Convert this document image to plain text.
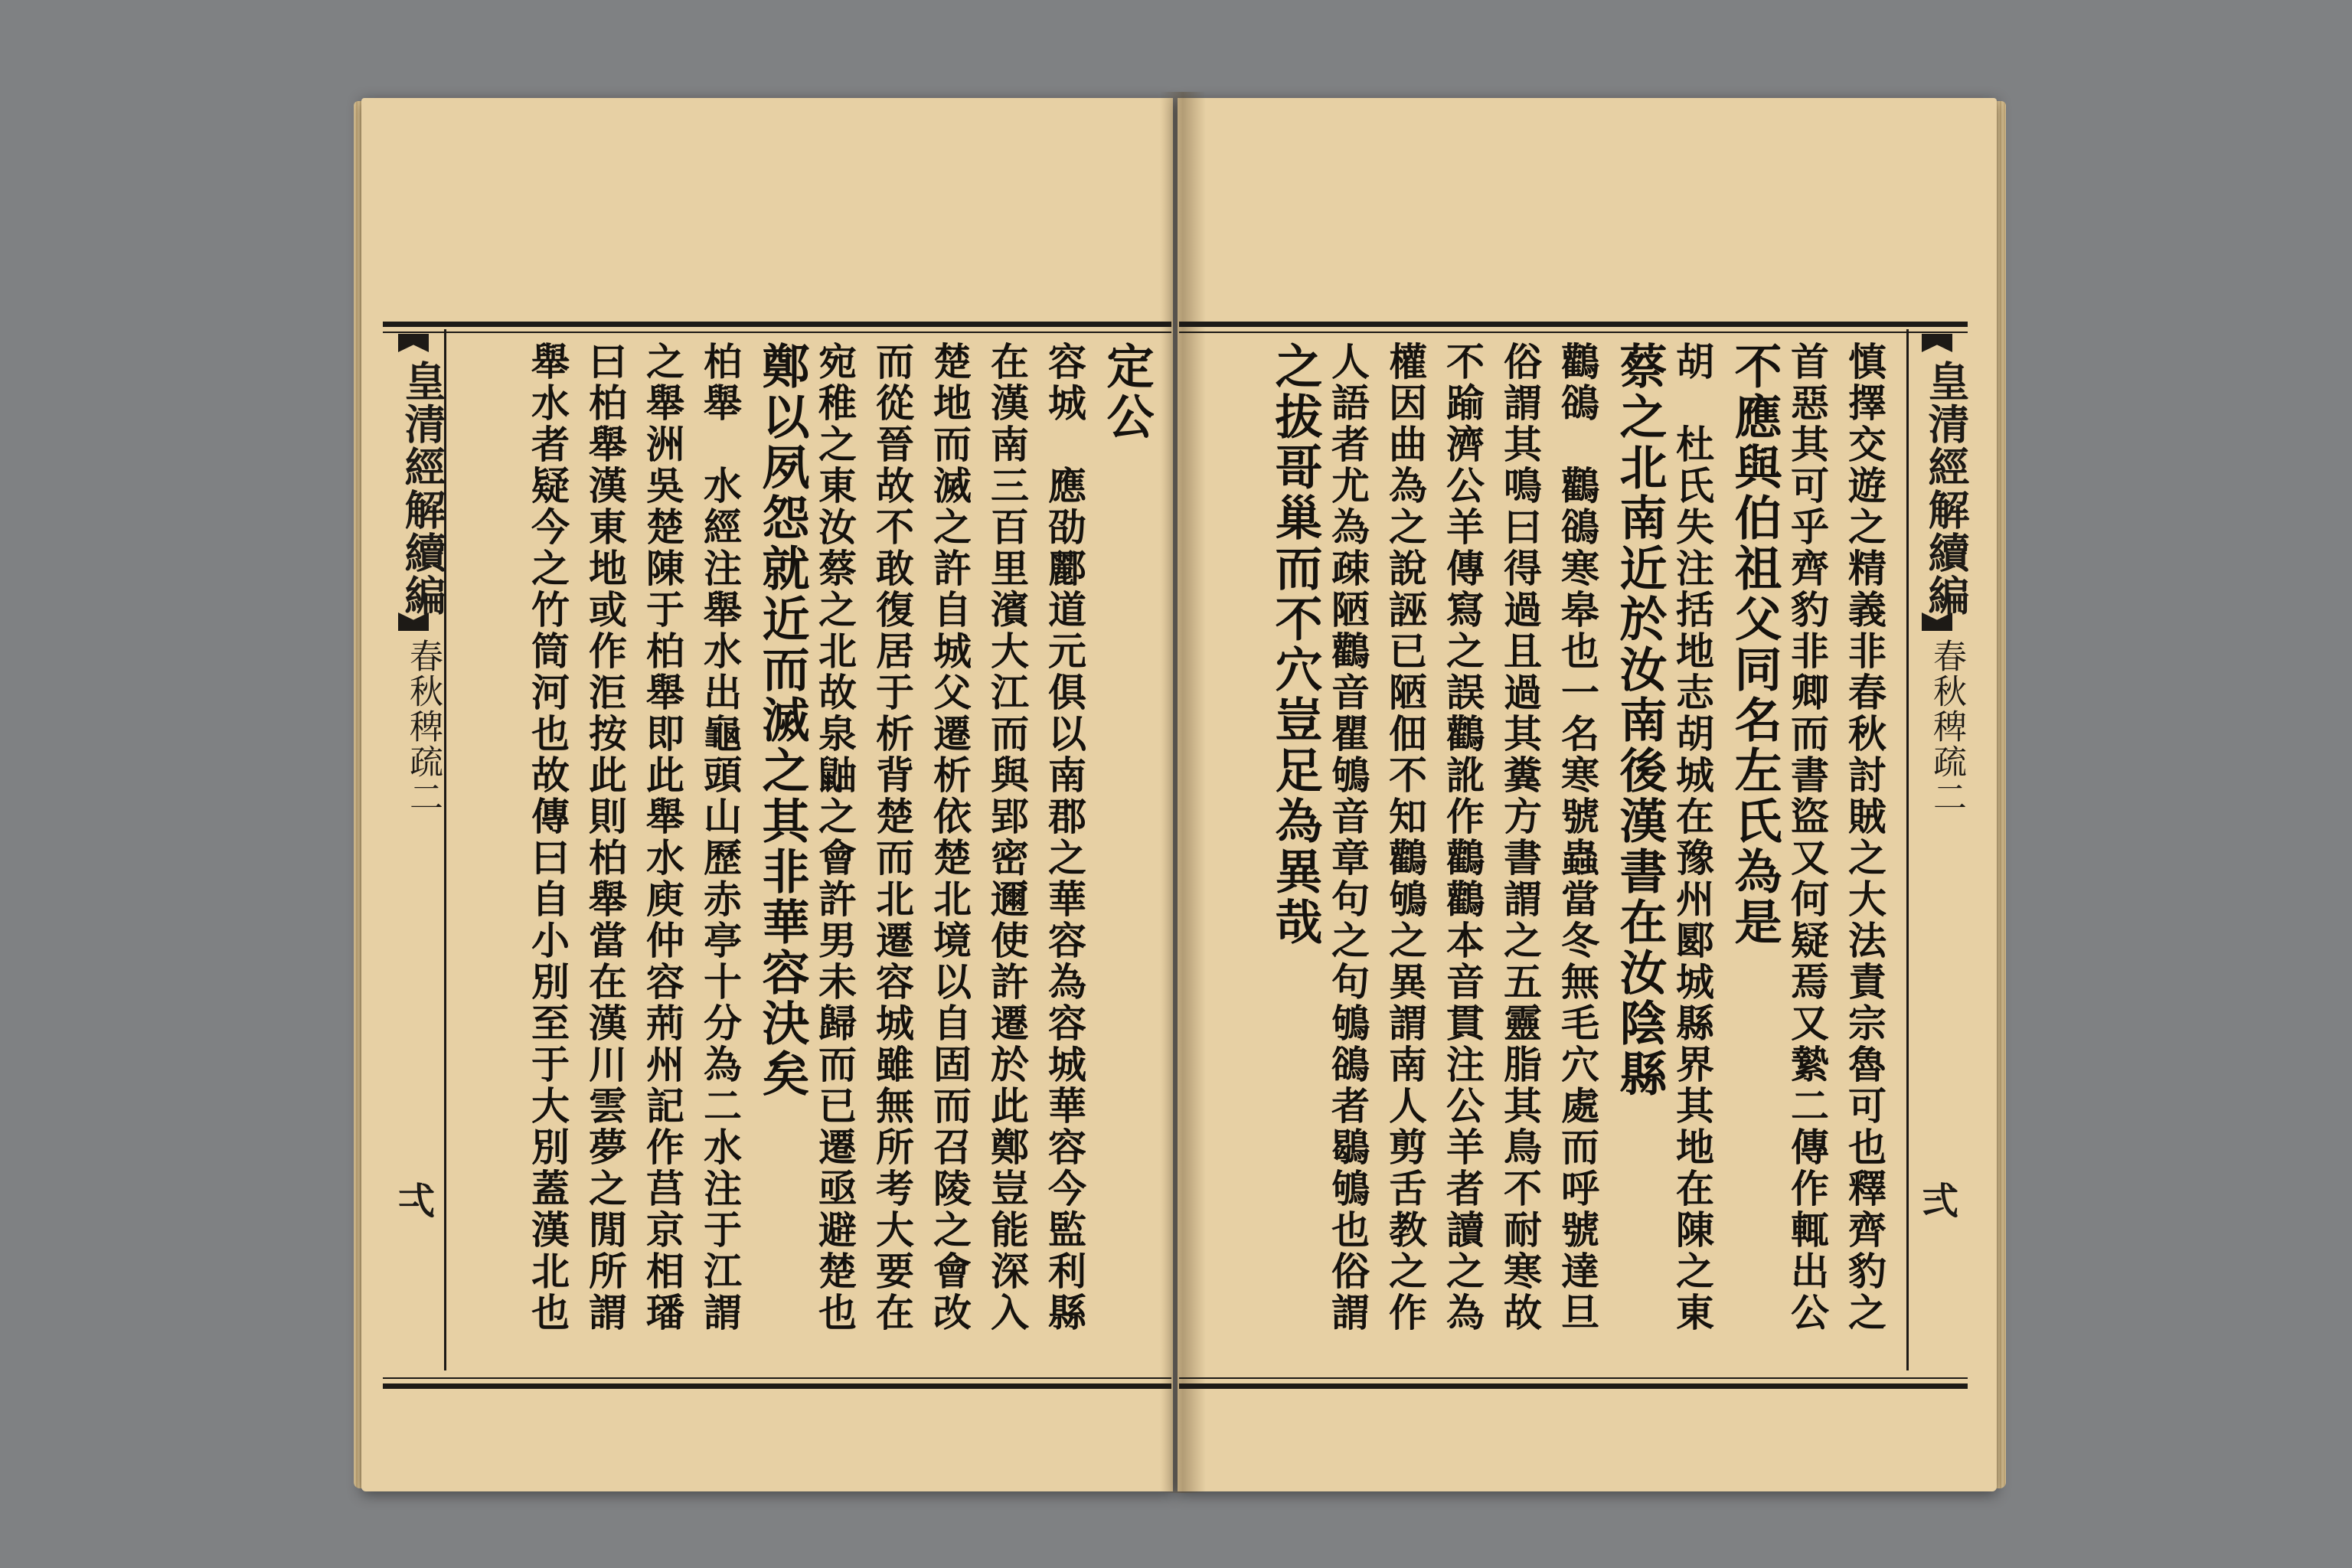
皇清經解續編
春秋稗疏二
弌
皇清經解續編
春秋稗疏二
弍
定公
容城　應劭酈道元俱以南郡之華容為容城華容今監利縣
在漢南三百里濱大江而與郢密邇使許遷於此鄭豈能深入
楚地而滅之許自城父遷析依楚北境以自固而召陵之會改
而從晉故不敢復居于析背楚而北遷容城雖無所考大要在
宛稚之東汝蔡之北故泉鼬之會許男未歸而已遷亟避楚也
鄭以夙怨就近而滅之其非華容決矣
柏舉　水經注舉水出龜頭山歷赤亭十分為二水注于江謂
之舉洲吳楚陳于柏舉即此舉水庾仲容荊州記作莒京相璠
曰柏舉漢東地或作洰按此則柏舉當在漢川雲夢之閒所謂
舉水者疑今之竹筒河也故傳曰自小別至于大別蓋漢北也	慎擇交遊之精義非春秋討賊之大法責宗魯可也釋齊豹之
首惡其可乎齊豹非卿而書盜又何疑焉又縶二傳作輒出公
不應與伯祖父同名左氏為是
胡　杜氏失注括地志胡城在豫州郾城縣界其地在陳之東
蔡之北南近於汝南後漢書在汝陰縣
鸛鵒　鸛鵒寒皋也一名寒號蟲當冬無毛穴處而呼號達旦
俗謂其鳴曰得過且過其糞方書謂之五靈脂其鳥不耐寒故
不踰濟公羊傳寫之誤鸛訛作鸛鸛本音貫注公羊者讀之為
權因曲為之說誣已陋佃不知鸛鴝之異謂南人剪舌教之作
人語者尤為疎陋鸛音瞿鴝音章句之句鴝鵒者鶡鴝也俗謂
之拔哥巢而不穴豈足為異哉
